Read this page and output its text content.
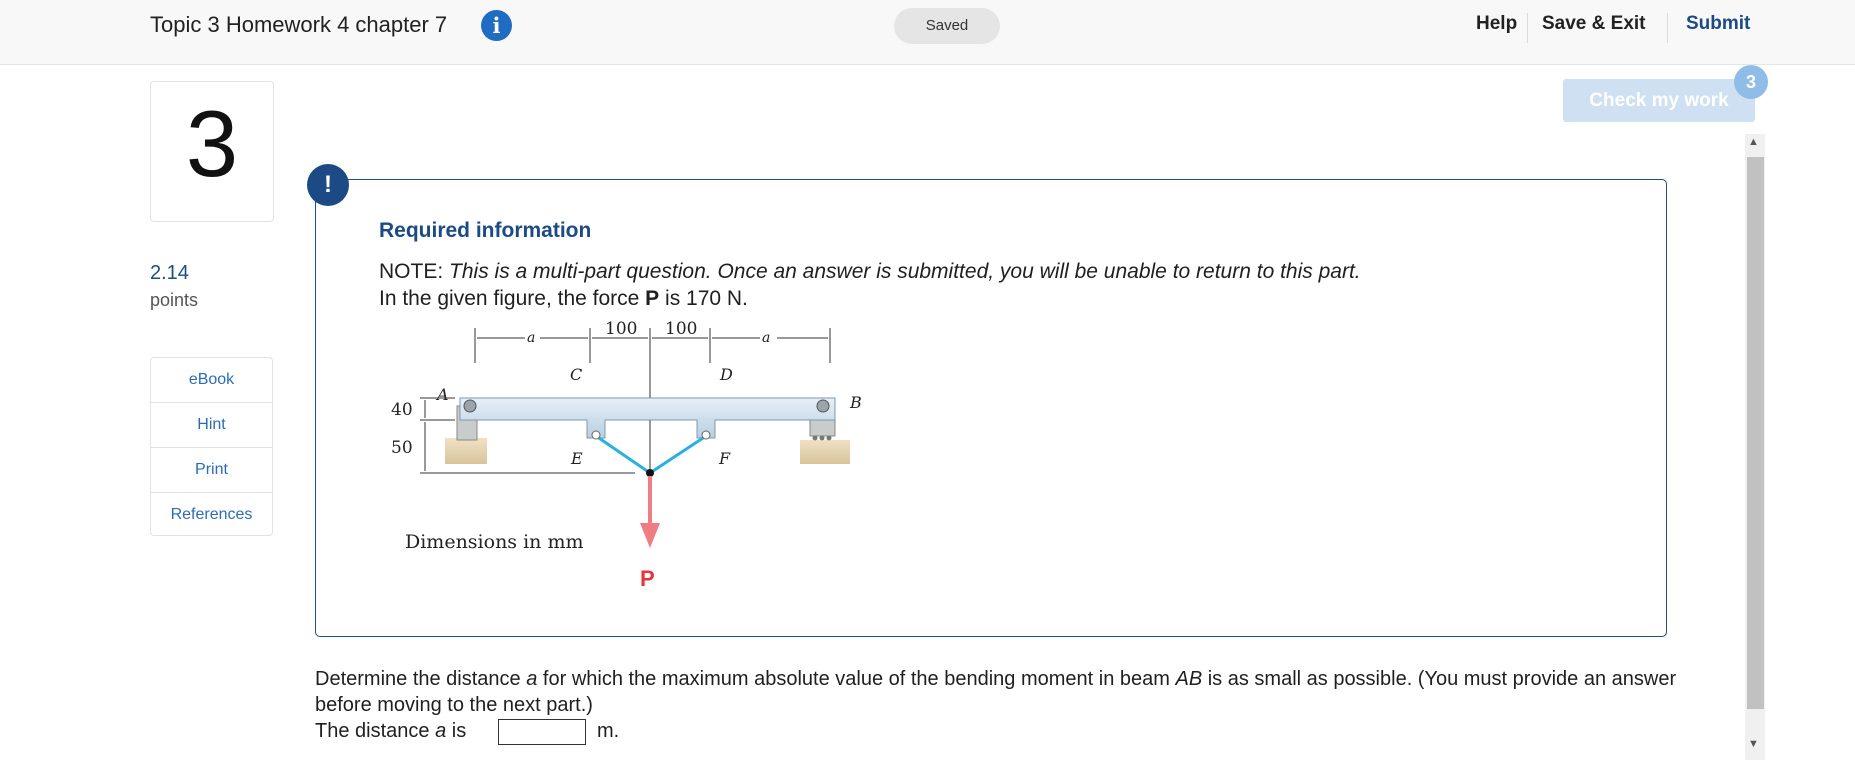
Topic 3 Homework 4 chapter 7	i	Saved	Help Save & Exit Submit
3
2.14
points
eBook
Hint
Print
References
Check my work
3
▲
▼
!
Required information
NOTE: This is a multi-part question. Once an answer is submitted, you will be unable to return to this part.
In the given figure, the force P is 170 N.
a	a
100 100
A	B
C	D
E	F
40
50
P
Dimensions in mm
Determine the distance a for which the maximum absolute value of the bending moment in beam AB is as small as possible. (You must provide an answer before moving to the next part.)
The distance a is	m.
